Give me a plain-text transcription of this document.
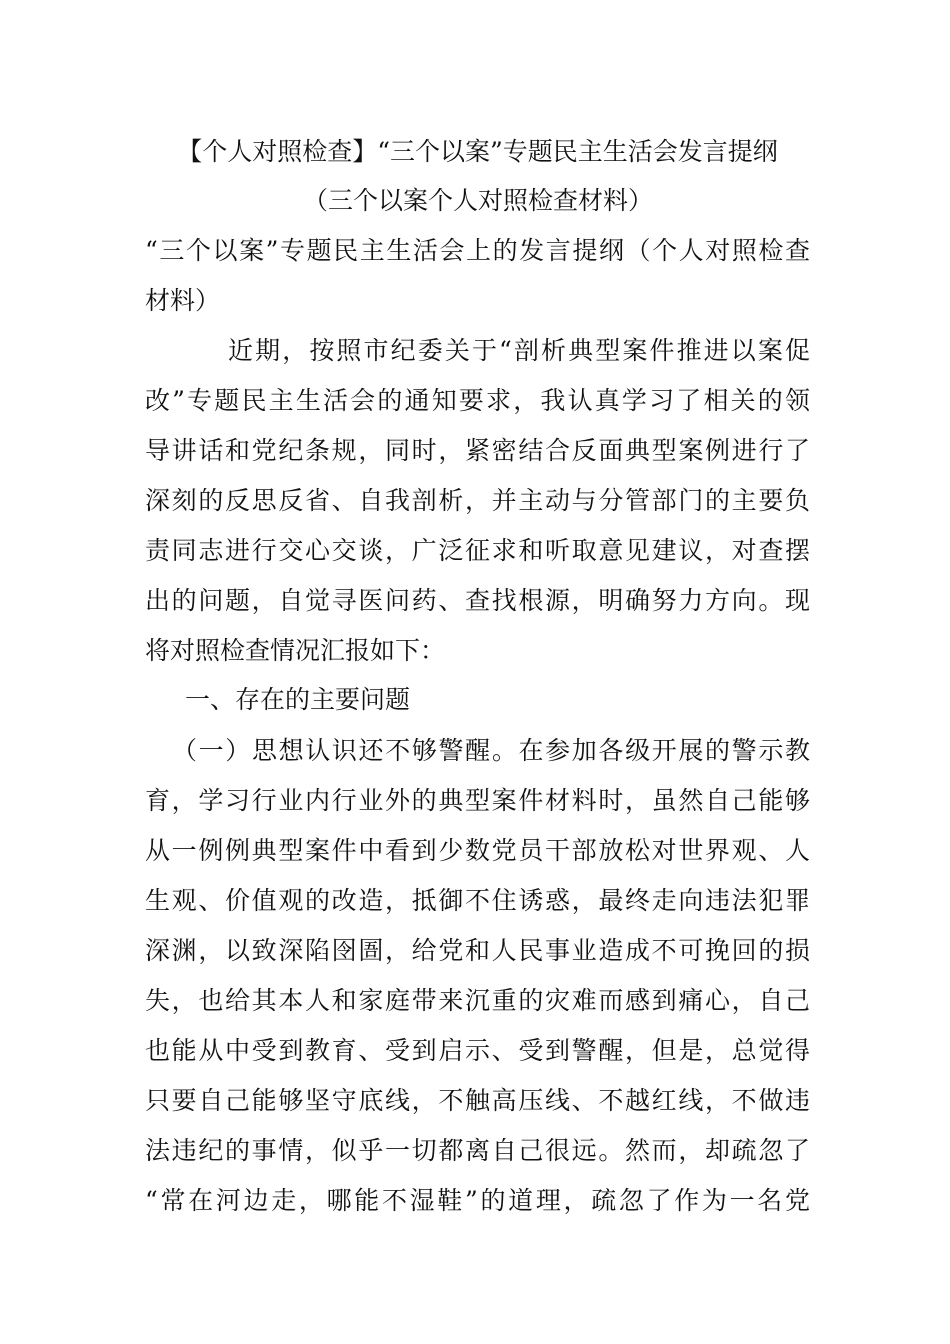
【个人对照检查】“三个以案”专题民主生活会发言提纲
（三个以案个人对照检查材料）
“三个以案”专题民主生活会上的发言提纲（个人对照检查
材料）
近期，按照市纪委关于“剖析典型案件推进以案促
改”专题民主生活会的通知要求，我认真学习了相关的领
导讲话和党纪条规，同时，紧密结合反面典型案例进行了
深刻的反思反省、自我剖析，并主动与分管部门的主要负
责同志进行交心交谈，广泛征求和听取意见建议，对查摆
出的问题，自觉寻医问药、查找根源，明确努力方向。现
将对照检查情况汇报如下：
一、存在的主要问题
（一）思想认识还不够警醒。在参加各级开展的警示教
育，学习行业内行业外的典型案件材料时，虽然自己能够
从一例例典型案件中看到少数党员干部放松对世界观、人
生观、价值观的改造，抵御不住诱惑，最终走向违法犯罪
深渊，以致深陷囹圄，给党和人民事业造成不可挽回的损
失，也给其本人和家庭带来沉重的灾难而感到痛心，自己
也能从中受到教育、受到启示、受到警醒，但是，总觉得
只要自己能够坚守底线，不触高压线、不越红线，不做违
法违纪的事情，似乎一切都离自己很远。然而，却疏忽了
“常在河边走，哪能不湿鞋”的道理，疏忽了作为一名党
